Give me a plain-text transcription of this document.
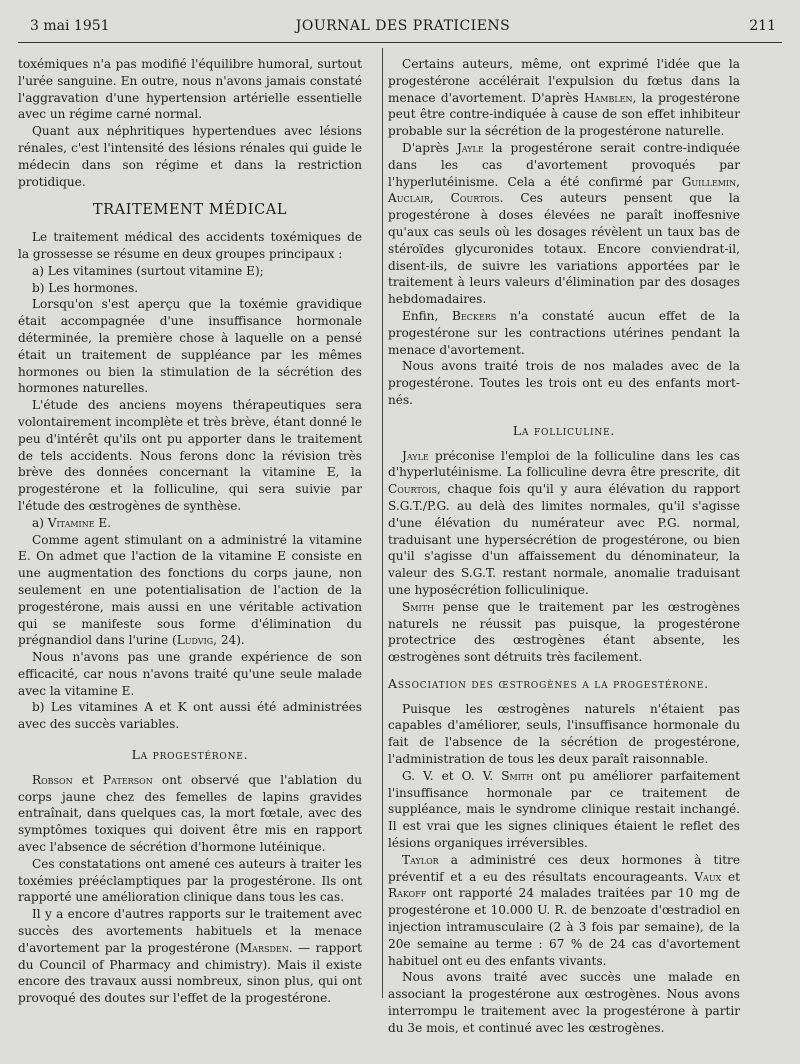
3 mai 1951	JOURNAL DES PRATICIENS	211

toxémiques n'a pas modifié l'équilibre humoral, surtout l'urée sanguine. En outre, nous n'avons jamais constaté l'aggravation d'une hypertension artérielle essentielle avec un régime carné normal.

Quant aux néphritiques hypertendues avec lésions rénales, c'est l'intensité des lésions rénales qui guide le médecin dans son régime et dans la restriction protidique.

TRAITEMENT MÉDICAL

Le traitement médical des accidents toxémiques de la grossesse se résume en deux groupes principaux :

a) Les vitamines (surtout vitamine E);

b) Les hormones.

Lorsqu'on s'est aperçu que la toxémie gravidique était accompagnée d'une insuffisance hormonale déterminée, la première chose à laquelle on a pensé était un traitement de suppléance par les mêmes hormones ou bien la stimulation de la sécrétion des hormones naturelles.

L'étude des anciens moyens thérapeutiques sera volontairement incomplète et très brève, étant donné le peu d'intérêt qu'ils ont pu apporter dans le traitement de tels accidents. Nous ferons donc la révision très brève des données concernant la vitamine E, la progestérone et la folliculine, qui sera suivie par l'étude des œstrogènes de synthèse.

a) Vitamine E.

Comme agent stimulant on a administré la vitamine E. On admet que l'action de la vitamine E consiste en une augmentation des fonctions du corps jaune, non seulement en une potentialisation de l'action de la progestérone, mais aussi en une véritable activation qui se manifeste sous forme d'élimination du prégnandiol dans l'urine (Ludvig, 24).

Nous n'avons pas une grande expérience de son efficacité, car nous n'avons traité qu'une seule malade avec la vitamine E.

b) Les vitamines A et K ont aussi été administrées avec des succès variables.

La progestérone.

Robson et Paterson ont observé que l'ablation du corps jaune chez des femelles de lapins gravides entraînait, dans quelques cas, la mort fœtale, avec des symptômes toxiques qui doivent être mis en rapport avec l'absence de sécrétion d'hormone lutéinique.

Ces constatations ont amené ces auteurs à traiter les toxémies prééclamptiques par la progestérone. Ils ont rapporté une amélioration clinique dans tous les cas.

Il y a encore d'autres rapports sur le traitement avec succès des avortements habituels et la menace d'avortement par la progestérone (Marsden. — rapport du Council of Pharmacy and chimistry). Mais il existe encore des travaux aussi nombreux, sinon plus, qui ont provoqué des doutes sur l'effet de la progestérone.

Certains auteurs, même, ont exprimé l'idée que la progestérone accélérait l'expulsion du fœtus dans la menace d'avortement. D'après Hamblen, la progestérone peut être contre-indiquée à cause de son effet inhibiteur probable sur la sécrétion de la progestérone naturelle.

D'après Jayle la progestérone serait contre-indiquée dans les cas d'avortement provoqués par l'hyperlutéinisme. Cela a été confirmé par Guillemin, Auclair, Courtois. Ces auteurs pensent que la progestérone à doses élevées ne paraît inoffesnive qu'aux cas seuls où les dosages révèlent un taux bas de stéroïdes glycuronides totaux. Encore conviendrat-il, disent-ils, de suivre les variations apportées par le traitement à leurs valeurs d'élimination par des dosages hebdomadaires.

Enfin, Beckers n'a constaté aucun effet de la progestérone sur les contractions utérines pendant la menace d'avortement.

Nous avons traité trois de nos malades avec de la progestérone. Toutes les trois ont eu des enfants mort-nés.

La folliculine.

Jayle préconise l'emploi de la folliculine dans les cas d'hyperlutéinisme. La folliculine devra être prescrite, dit Courtois, chaque fois qu'il y aura élévation du rapport S.G.T./P.G. au delà des limites normales, qu'il s'agisse d'une élévation du numérateur avec P.G. normal, traduisant une hypersécrétion de progestérone, ou bien qu'il s'agisse d'un affaissement du dénominateur, la valeur des S.G.T. restant normale, anomalie traduisant une hyposécrétion folliculinique.

Smith pense que le traitement par les œstrogènes naturels ne réussit pas puisque, la progestérone protectrice des œstrogènes étant absente, les œstrogènes sont détruits très facilement.

Association des œstrogènes a la progestérone.

Puisque les œstrogènes naturels n'étaient pas capables d'améliorer, seuls, l'insuffisance hormonale du fait de l'absence de la sécrétion de progestérone, l'administration de tous les deux paraît raisonnable.

G. V. et O. V. Smith ont pu améliorer parfaitement l'insuffisance hormonale par ce traitement de suppléance, mais le syndrome clinique restait inchangé. Il est vrai que les signes cliniques étaient le reflet des lésions organiques irréversibles.

Taylor a administré ces deux hormones à titre préventif et a eu des résultats encourageants. Vaux et Rakoff ont rapporté 24 malades traitées par 10 mg de progestérone et 10.000 U. R. de benzoate d'œstradiol en injection intramusculaire (2 à 3 fois par semaine), de la 20e semaine au terme : 67 % de 24 cas d'avortement habituel ont eu des enfants vivants.

Nous avons traité avec succès une malade en associant la progestérone aux œstrogènes. Nous avons interrompu le traitement avec la progestérone à partir du 3e mois, et continué avec les œstrogènes.
